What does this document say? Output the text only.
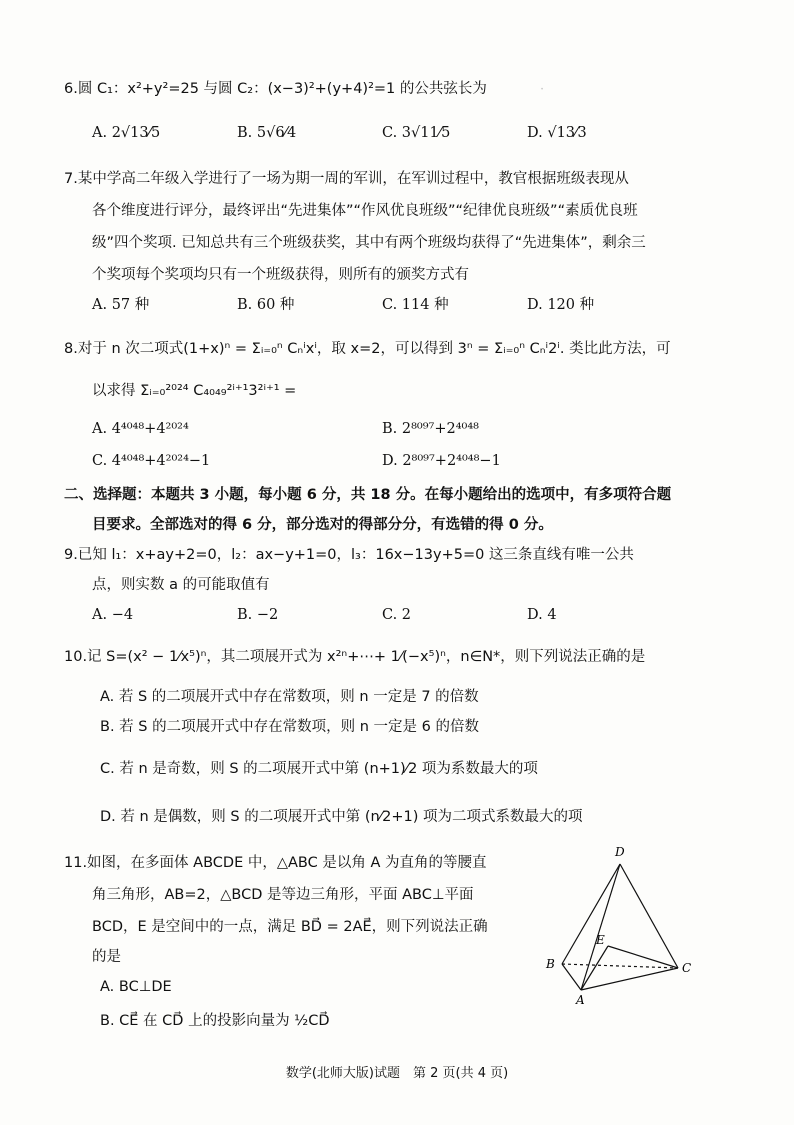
·
6.圆 C₁：x²+y²=25 与圆 C₂：(x−3)²+(y+4)²=1 的公共弦长为
A. 2√13⁄5	B. 5√6⁄4	C. 3√11⁄5	D. √13⁄3
7.某中学高二年级入学进行了一场为期一周的军训，在军训过程中，教官根据班级表现从
各个维度进行评分，最终评出“先进集体”“作风优良班级”“纪律优良班级”“素质优良班
级”四个奖项. 已知总共有三个班级获奖，其中有两个班级均获得了“先进集体”，剩余三
个奖项每个奖项均只有一个班级获得，则所有的颁奖方式有
A. 57 种	B. 60 种	C. 114 种	D. 120 种
8.对于 n 次二项式(1+x)ⁿ = Σᵢ₌₀ⁿ Cₙⁱxⁱ，取 x=2，可以得到 3ⁿ = Σᵢ₌₀ⁿ Cₙⁱ2ⁱ. 类比此方法，可
以求得 Σᵢ₌₀²⁰²⁴ C₄₀₄₉²ⁱ⁺¹3²ⁱ⁺¹ =
A. 4⁴⁰⁴⁸+4²⁰²⁴	B. 2⁸⁰⁹⁷+2⁴⁰⁴⁸
C. 4⁴⁰⁴⁸+4²⁰²⁴−1	D. 2⁸⁰⁹⁷+2⁴⁰⁴⁸−1
二、选择题：本题共 3 小题，每小题 6 分，共 18 分。在每小题给出的选项中，有多项符合题
目要求。全部选对的得 6 分，部分选对的得部分分，有选错的得 0 分。
9.已知 l₁：x+ay+2=0，l₂：ax−y+1=0，l₃：16x−13y+5=0 这三条直线有唯一公共
点，则实数 a 的可能取值有
A. −4	B. −2	C. 2	D. 4
10.记 S=(x² − 1⁄x⁵)ⁿ，其二项展开式为 x²ⁿ+⋯+ 1⁄(−x⁵)ⁿ，n∈N*，则下列说法正确的是
A. 若 S 的二项展开式中存在常数项，则 n 一定是 7 的倍数
B. 若 S 的二项展开式中存在常数项，则 n 一定是 6 的倍数
C. 若 n 是奇数，则 S 的二项展开式中第 (n+1)⁄2 项为系数最大的项
D. 若 n 是偶数，则 S 的二项展开式中第 (n⁄2+1) 项为二项式系数最大的项
11.如图，在多面体 ABCDE 中，△ABC 是以角 A 为直角的等腰直
角三角形，AB=2，△BCD 是等边三角形，平面 ABC⊥平面
BCD，E 是空间中的一点，满足 BD⃗ = 2AE⃗，则下列说法正确
的是
A. BC⊥DE
B. CE⃗ 在 CD⃗ 上的投影向量为 ½CD⃗
D
E
B	C
A
数学(北师大版)试题　第 2 页(共 4 页)
